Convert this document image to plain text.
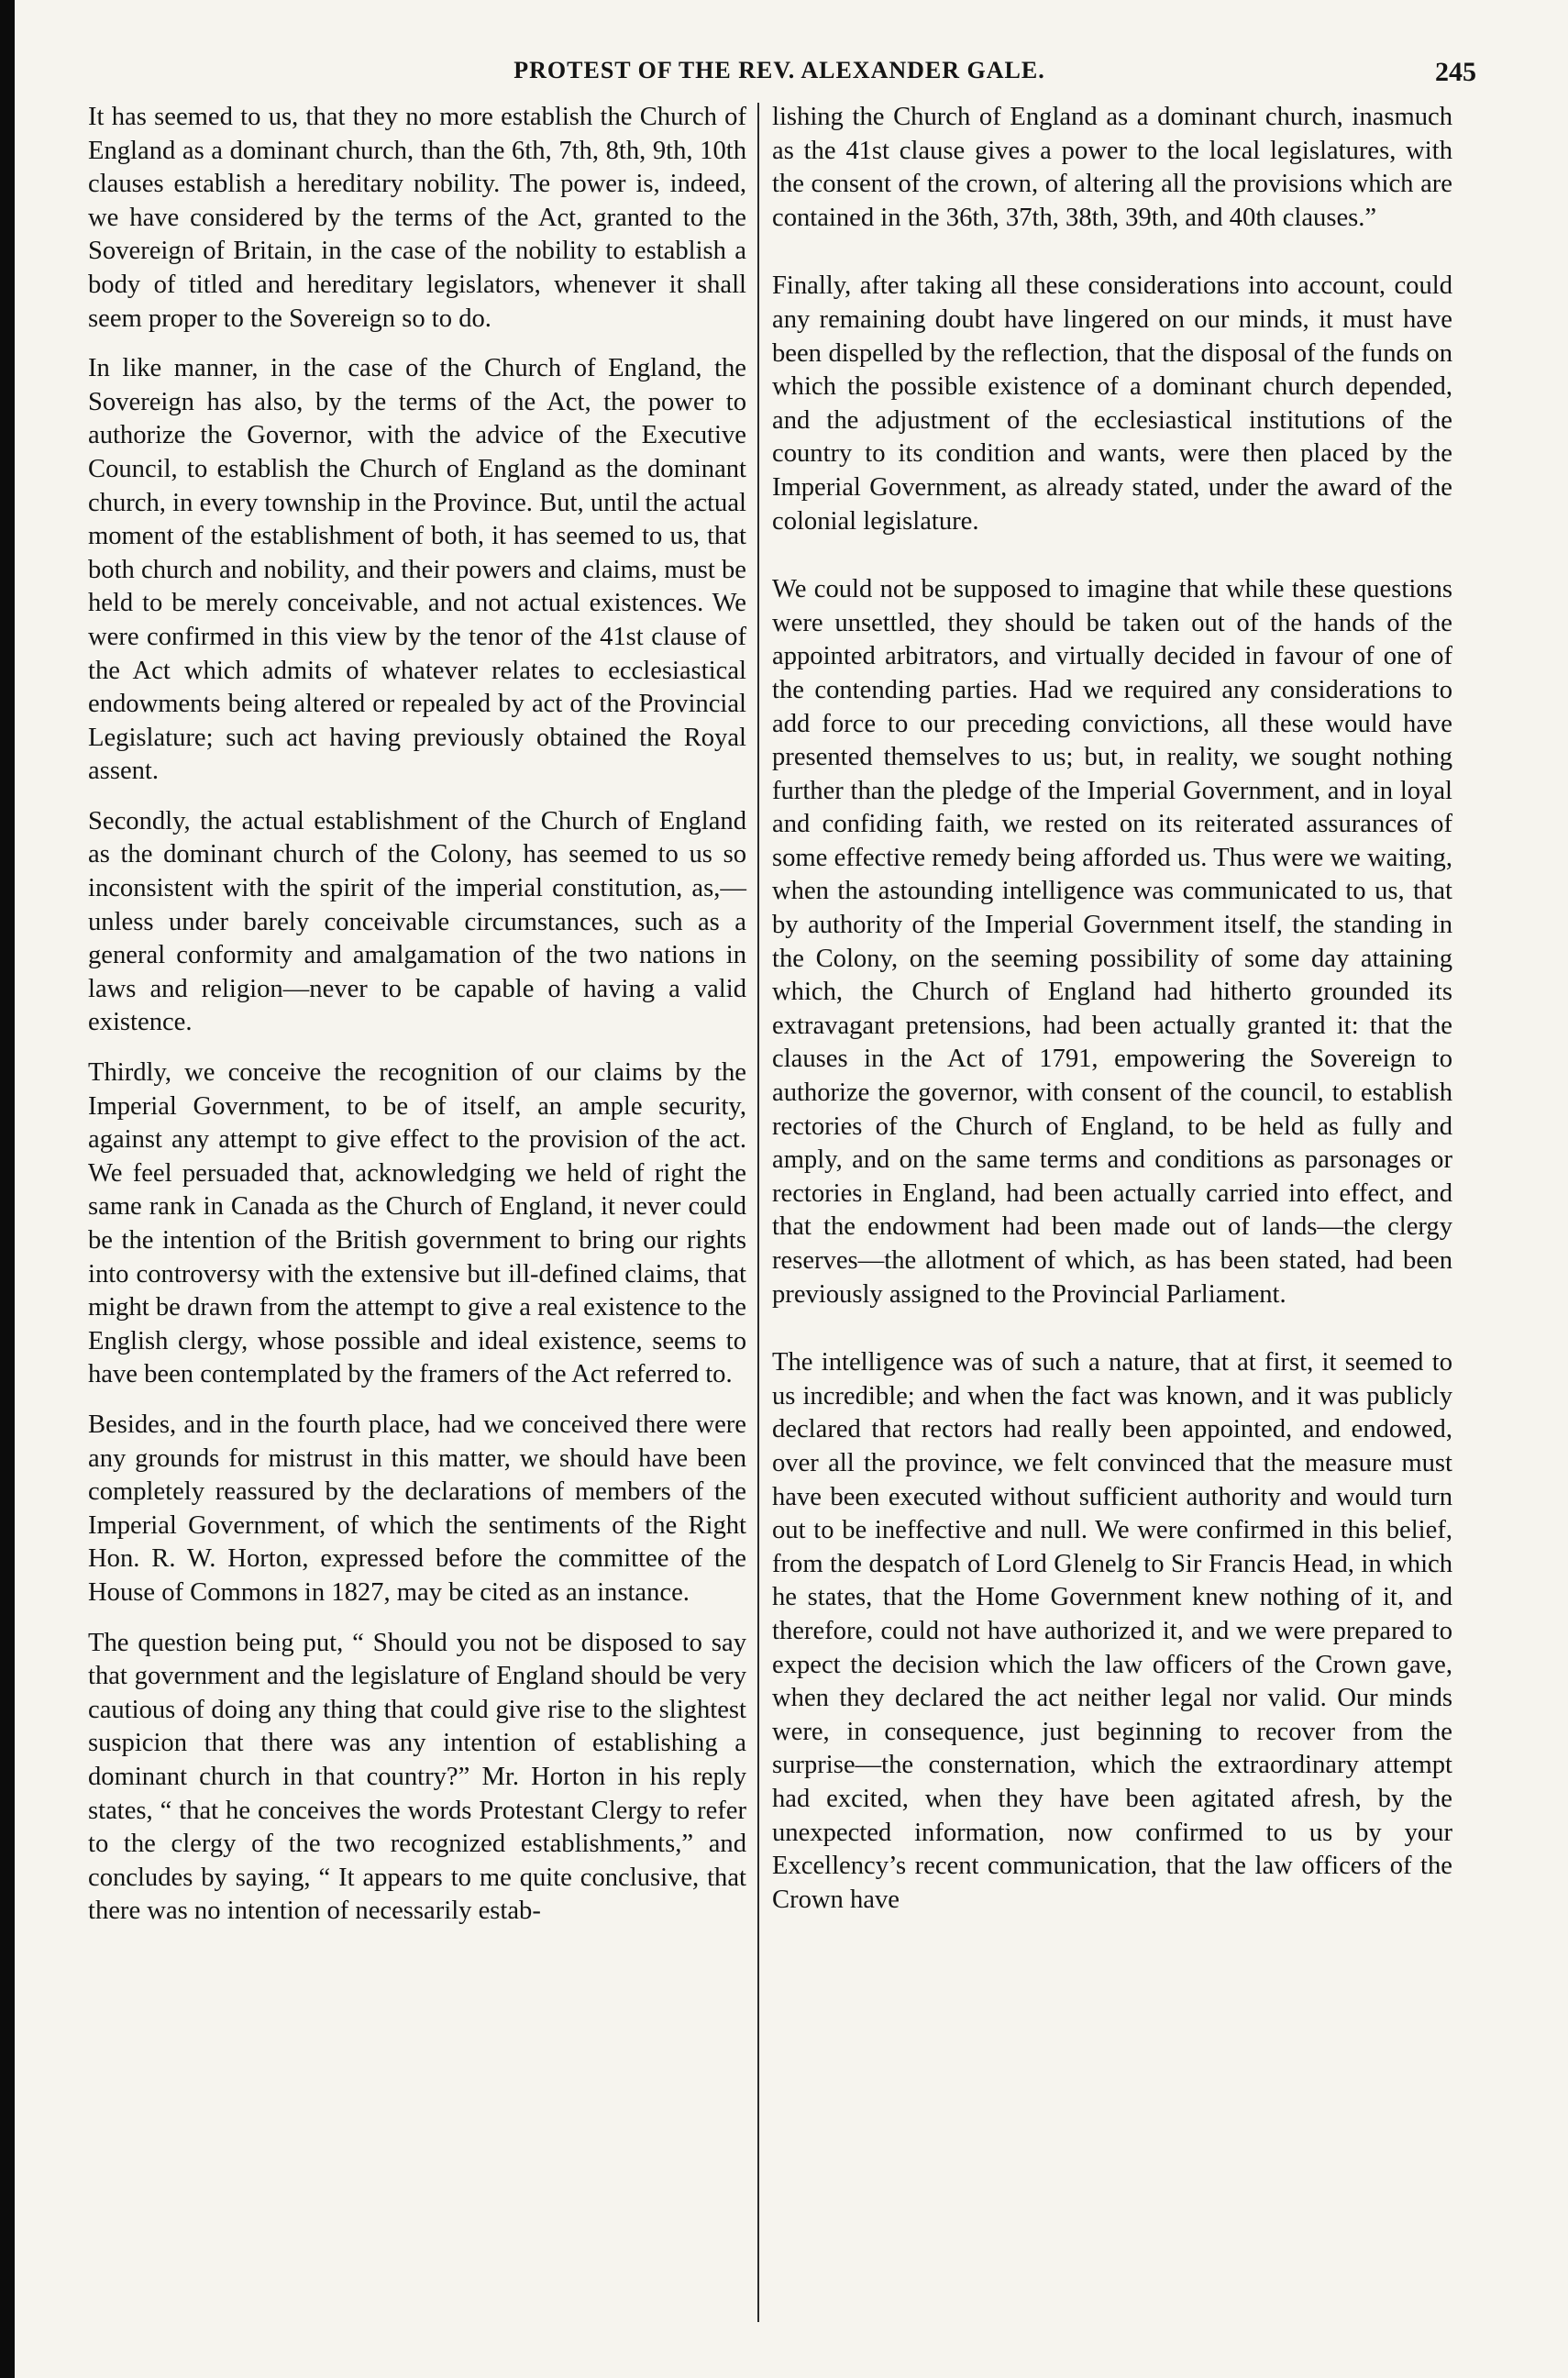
PROTEST OF THE REV. ALEXANDER GALE.	245

It has seemed to us, that they no more establish the Church of England as a dominant church, than the 6th, 7th, 8th, 9th, 10th clauses establish a hereditary nobility. The power is, indeed, we have considered by the terms of the Act, granted to the Sovereign of Britain, in the case of the nobility to establish a body of titled and hereditary legislators, whenever it shall seem proper to the Sovereign so to do.

In like manner, in the case of the Church of England, the Sovereign has also, by the terms of the Act, the power to authorize the Governor, with the advice of the Executive Council, to establish the Church of England as the dominant church, in every township in the Province. But, until the actual moment of the establishment of both, it has seemed to us, that both church and nobility, and their powers and claims, must be held to be merely conceivable, and not actual existences. We were confirmed in this view by the tenor of the 41st clause of the Act which admits of whatever relates to ecclesiastical endowments being altered or repealed by act of the Provincial Legislature; such act having previously obtained the Royal assent.

Secondly, the actual establishment of the Church of England as the dominant church of the Colony, has seemed to us so inconsistent with the spirit of the imperial constitution, as,—unless under barely conceivable circumstances, such as a general conformity and amalgamation of the two nations in laws and religion—never to be capable of having a valid existence.

Thirdly, we conceive the recognition of our claims by the Imperial Government, to be of itself, an ample security, against any attempt to give effect to the provision of the act. We feel persuaded that, acknowledging we held of right the same rank in Canada as the Church of England, it never could be the intention of the British government to bring our rights into controversy with the extensive but ill-defined claims, that might be drawn from the attempt to give a real existence to the English clergy, whose possible and ideal existence, seems to have been contemplated by the framers of the Act referred to.

Besides, and in the fourth place, had we conceived there were any grounds for mistrust in this matter, we should have been completely reassured by the declarations of members of the Imperial Government, of which the sentiments of the Right Hon. R. W. Horton, expressed before the committee of the House of Commons in 1827, may be cited as an instance.

The question being put, “ Should you not be disposed to say that government and the legislature of England should be very cautious of doing any thing that could give rise to the slightest suspicion that there was any intention of establishing a dominant church in that country?” Mr. Horton in his reply states, “ that he conceives the words Protestant Clergy to refer to the clergy of the two recognized establishments,” and concludes by saying, “ It appears to me quite conclusive, that there was no intention of necessarily estab-

lishing the Church of England as a dominant church, inasmuch as the 41st clause gives a power to the local legislatures, with the consent of the crown, of altering all the provisions which are contained in the 36th, 37th, 38th, 39th, and 40th clauses.”

Finally, after taking all these considerations into account, could any remaining doubt have lingered on our minds, it must have been dispelled by the reflection, that the disposal of the funds on which the possible existence of a dominant church depended, and the adjustment of the ecclesiastical institutions of the country to its condition and wants, were then placed by the Imperial Government, as already stated, under the award of the colonial legislature.

We could not be supposed to imagine that while these questions were unsettled, they should be taken out of the hands of the appointed arbitrators, and virtually decided in favour of one of the contending parties. Had we required any considerations to add force to our preceding convictions, all these would have presented themselves to us; but, in reality, we sought nothing further than the pledge of the Imperial Government, and in loyal and confiding faith, we rested on its reiterated assurances of some effective remedy being afforded us. Thus were we waiting, when the astounding intelligence was communicated to us, that by authority of the Imperial Government itself, the standing in the Colony, on the seeming possibility of some day attaining which, the Church of England had hitherto grounded its extravagant pretensions, had been actually granted it: that the clauses in the Act of 1791, empowering the Sovereign to authorize the governor, with consent of the council, to establish rectories of the Church of England, to be held as fully and amply, and on the same terms and conditions as parsonages or rectories in England, had been actually carried into effect, and that the endowment had been made out of lands—the clergy reserves—the allotment of which, as has been stated, had been previously assigned to the Provincial Parliament.

The intelligence was of such a nature, that at first, it seemed to us incredible; and when the fact was known, and it was publicly declared that rectors had really been appointed, and endowed, over all the province, we felt convinced that the measure must have been executed without sufficient authority and would turn out to be ineffective and null. We were confirmed in this belief, from the despatch of Lord Glenelg to Sir Francis Head, in which he states, that the Home Government knew nothing of it, and therefore, could not have authorized it, and we were prepared to expect the decision which the law officers of the Crown gave, when they declared the act neither legal nor valid. Our minds were, in consequence, just beginning to recover from the surprise—the consternation, which the extraordinary attempt had excited, when they have been agitated afresh, by the unexpected information, now confirmed to us by your Excellency’s recent communication, that the law officers of the Crown have
